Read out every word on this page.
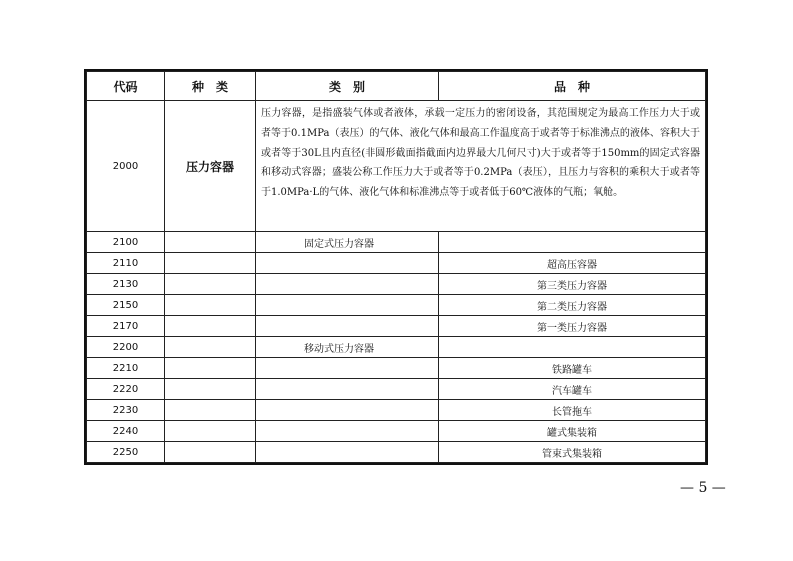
代码	种　类	类　别	品　种
2000	压力容器	压力容器，是指盛装气体或者液体，承载一定压力的密闭设备，其范围规定为最高工作压力大于或者等于0.1MPa（表压）的气体、液化气体和最高工作温度高于或者等于标准沸点的液体、容积大于或者等于30L且内直径(非圆形截面指截面内边界最大几何尺寸)大于或者等于150mm的固定式容器和移动式容器；盛装公称工作压力大于或者等于0.2MPa（表压），且压力与容积的乘积大于或者等于1.0MPa·L的气体、液化气体和标准沸点等于或者低于60℃液体的气瓶；氧舱。	
2100		固定式压力容器	
2110			超高压容器
2130			第三类压力容器
2150			第二类压力容器
2170			第一类压力容器
2200		移动式压力容器	
2210			铁路罐车
2220			汽车罐车
2230			长管拖车
2240			罐式集装箱
2250			管束式集装箱
— 5 —
